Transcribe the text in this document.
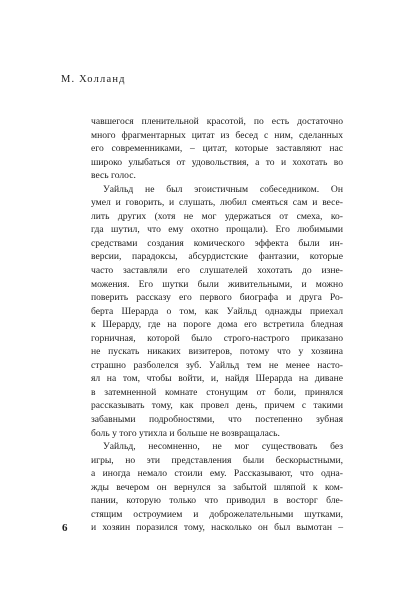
М. Холланд
чавшегося пленительной красотой, по есть достаточно
много фрагментарных цитат из бесед с ним, сделанных
его современниками, – цитат, которые заставляют нас
широко улыбаться от удовольствия, а то и хохотать во
весь голос.
Уайльд не был эгоистичным собеседником. Он
умел и говорить, и слушать, любил смеяться сам и весе-
лить других (хотя не мог удержаться от смеха, ко-
гда шутил, что ему охотно прощали). Его любимыми
средствами создания комического эффекта были ин-
версии, парадоксы, абсурдистские фантазии, которые
часто заставляли его слушателей хохотать до изне-
можения. Его шутки были живительными, и можно
поверить рассказу его первого биографа и друга Ро-
берта Шерарда о том, как Уайльд однажды приехал
к Шерарду, где на пороге дома его встретила бледная
горничная, которой было строго-настрого приказано
не пускать никаких визитеров, потому что у хозяина
страшно разболелся зуб. Уайльд тем не менее насто-
ял на том, чтобы войти, и, найдя Шерарда на диване
в затемненной комнате стонущим от боли, принялся
рассказывать тому, как провел день, причем с такими
забавными подробностями, что постепенно зубная
боль у того утихла и больше не возвращалась.
Уайльд, несомненно, не мог существовать без
игры, но эти представления были бескорыстными,
а иногда немало стоили ему. Рассказывают, что одна-
жды вечером он вернулся за забытой шляпой к ком-
пании, которую только что приводил в восторг бле-
стящим остроумием и доброжелательными шутками,
и хозяин поразился тому, насколько он был вымотан –
6
